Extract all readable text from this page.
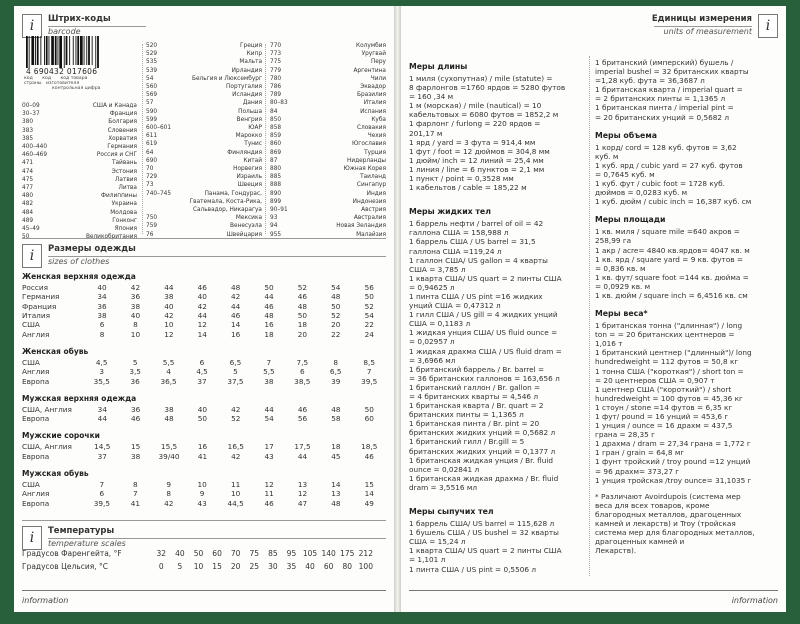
i	Штрих-коды
barcode
4 690432 017606
код код код товара
страны изготовителя
контрольная цифра
00–09	США и Канада
30–37	Франция
380	Болгария
383	Словения
385	Хорватия
400–440	Германия
460–469	Россия и СНГ
471	Тайвань
474	Эстония
475	Латвия
477	Литва
480	Филиппины
482	Украина
484	Молдова
489	Гонконг
45–49	Япония
50	Великобритания
520	Греция
529	Кипр
535	Мальта
539	Ирландия
54	Бельгия и Люксембург
560	Португалия
569	Исландия
57	Дания
590	Польша
599	Венгрия
600–601	ЮАР
611	Марокко
619	Тунис
64	Финляндия
690	Китай
70	Норвегия
729	Израиль
73	Швеция
740–745	Панама, Гондурас,
Гватемала, Коста-Рика,
Сальвадор, Никарагуа
750	Мексика
759	Венесуэла
76	Швейцария
770	Колумбия
773	Уругвай
775	Перу
779	Аргентина
780	Чили
786	Эквадор
789	Бразилия
80–83	Италия
84	Испания
850	Куба
858	Словакия
859	Чехия
860	Югославия
869	Турция
87	Нидерланды
880	Южная Корея
885	Таиланд
888	Сингапур
890	Индия
899	Индонезия
90–91	Австрия
93	Австралия
94	Новая Зеландия
955	Малайзия
i	Размеры одежды
sizes of clothes
Женская верхняя одежда
Россия	40	42	44	46	48	50	52	54	56
Германия	34	36	38	40	42	44	46	48	50
Франция	36	38	40	42	44	46	48	50	52
Италия	38	40	42	44	46	48	50	52	54
США	6	8	10	12	14	16	18	20	22
Англия	8	10	12	14	16	18	20	22	24
Женская обувь
США	4,5	5	5,5	6	6,5	7	7,5	8	8,5
Англия	3	3,5	4	4,5	5	5,5	6	6,5	7
Европа	35,5	36	36,5	37	37,5	38	38,5	39	39,5
Мужская верхняя одежда
США, Англия	34	36	38	40	42	44	46	48	50
Европа	44	46	48	50	52	54	56	58	60
Мужские сорочки
США, Англия	14,5	15	15,5	16	16,5	17	17,5	18	18,5
Европа	37	38	39/40	41	42	43	44	45	46
Мужская обувь
США	7	8	9	10	11	12	13	14	15
Англия	6	7	8	9	10	11	12	13	14
Европа	39,5	41	42	43	44,5	46	47	48	49
i	Температуры
temperature scales
Градусов Фаренгейта, °F	32 40 50 60 70 75 85 95 105 140 175 212
Градусов Цельсия, °C	0 5 10 15 20 25 30 35 40 60 80 100
information
Единицы измерения
units of measurement i
Меры длины
1 миля (сухопутная) / mile (statute) =
8 фарлонгов =1760 ярдов = 5280 футов
= 160 ,34 м
1 м (морская) / mile (nautical) = 10
кабельтовых = 6080 футов = 1852,2 м
1 фарлонг / furlong = 220 ярдов =
201,17 м
1 ярд / yard = 3 фута = 914,4 мм
1 фут / foot = 12 дюймов = 304,8 мм
1 дюйм/ inch = 12 линий = 25,4 мм
1 линия / line = 6 пунктов = 2,1 мм
1 пункт / point = 0,3528 мм
1 кабельтов / cable = 185,22 м
Меры жидких тел
1 баррель нефти / barrel of oil = 42
галлона США = 158,988 л
1 баррель США / US barrel = 31,5
галлона США =119,24 л
1 галлон США/ US gallon = 4 кварты
США = 3,785 л
1 кварта США/ US quart = 2 пинты США
= 0,94625 л
1 пинта США / US pint =16 жидких
унций США = 0,47312 л
1 гилл США / US gill = 4 жидких унций
США = 0,1183 л
1 жидкая унция США/ US fluid ounce =
= 0,02957 л
1 жидкая драхма США / US fluid dram =
= 3,6966 мл
1 британский баррель / Br. barrel =
= 36 британских галлонов = 163,656 л
1 британский галлон / Br. gallon =
= 4 британских кварты = 4,546 л
1 британская кварта / Br. quart = 2
британских пинты = 1,1365 л
1 британская пинта / Br. pint = 20
британских жидких унций = 0,5682 л
1 британский гилл / Br.gill = 5
британских жидких унций = 0,1377 л
1 британская жидкая унция / Br. fluid
ounce = 0,02841 л
1 британская жидкая драхма / Br. fluid
dram = 3,5516 мл
Меры сыпучих тел
1 баррель США/ US barrel = 115,628 л
1 бушель США / US bushel = 32 кварты
США = 15,24 л
1 кварта США/ US quart = 2 пинты США
= 1,101 л
1 пинта США / US pint = 0,5506 л
1 британский (имперский) бушель /
imperial bushel = 32 британских кварты
=1,28 куб. фута = 36,3687 л
1 британская кварта / imperial quart =
= 2 британских пинты = 1,1365 л
1 британская пинта / imperial pint =
= 20 британских унций = 0,5682 л
Меры объема
1 корд/ cord = 128 куб. футов = 3,62
куб. м
1 куб. ярд / cubic yard = 27 куб. футов
= 0,7645 куб. м
1 куб. фут / cubic foot = 1728 куб.
дюймов = 0,0283 куб. м
1 куб. дюйм / cubic inch = 16,387 куб. см
Меры площади
1 кв. миля / square mile =640 акров =
258,99 га
1 акр / acre= 4840 кв.ярдов= 4047 кв. м
1 кв. ярд / square yard = 9 кв. футов =
= 0,836 кв. м
1 кв. фут/ square foot =144 кв. дюйма =
= 0,0929 кв. м
1 кв. дюйм / square inch = 6,4516 кв. см
Меры веса*
1 британская тонна ("длинная") / long
ton = = 20 британских центнеров =
1,016 т
1 британский центнер ("длинный")/ long
hundredweight = 112 футов = 50,8 кг
1 тонна США ("короткая") / short ton =
= 20 центнеров США = 0,907 т
1 центнер США ("короткий") / short
hundredweight = 100 футов = 45,36 кг
1 стоун / stone =14 футов = 6,35 кг
1 фут/ pound = 16 унций = 453,6 г
1 унция / ounce = 16 драхм = 437,5
грана = 28,35 г
1 драхма / dram = 27,34 грана = 1,772 г
1 гран / grain = 64,8 мг
1 фунт тройский / troy pound =12 унций
= 96 драхм= 373,27 г
1 унция тройская /troy ounce= 31,1035 г
* Различают Avoirdupois (система мер
веса для всех товаров, кроме
благородных металлов, драгоценных
камней и лекарств) и Troy (тройская
система мер для благородных металлов,
драгоценных камней и
Лекарств).
information
